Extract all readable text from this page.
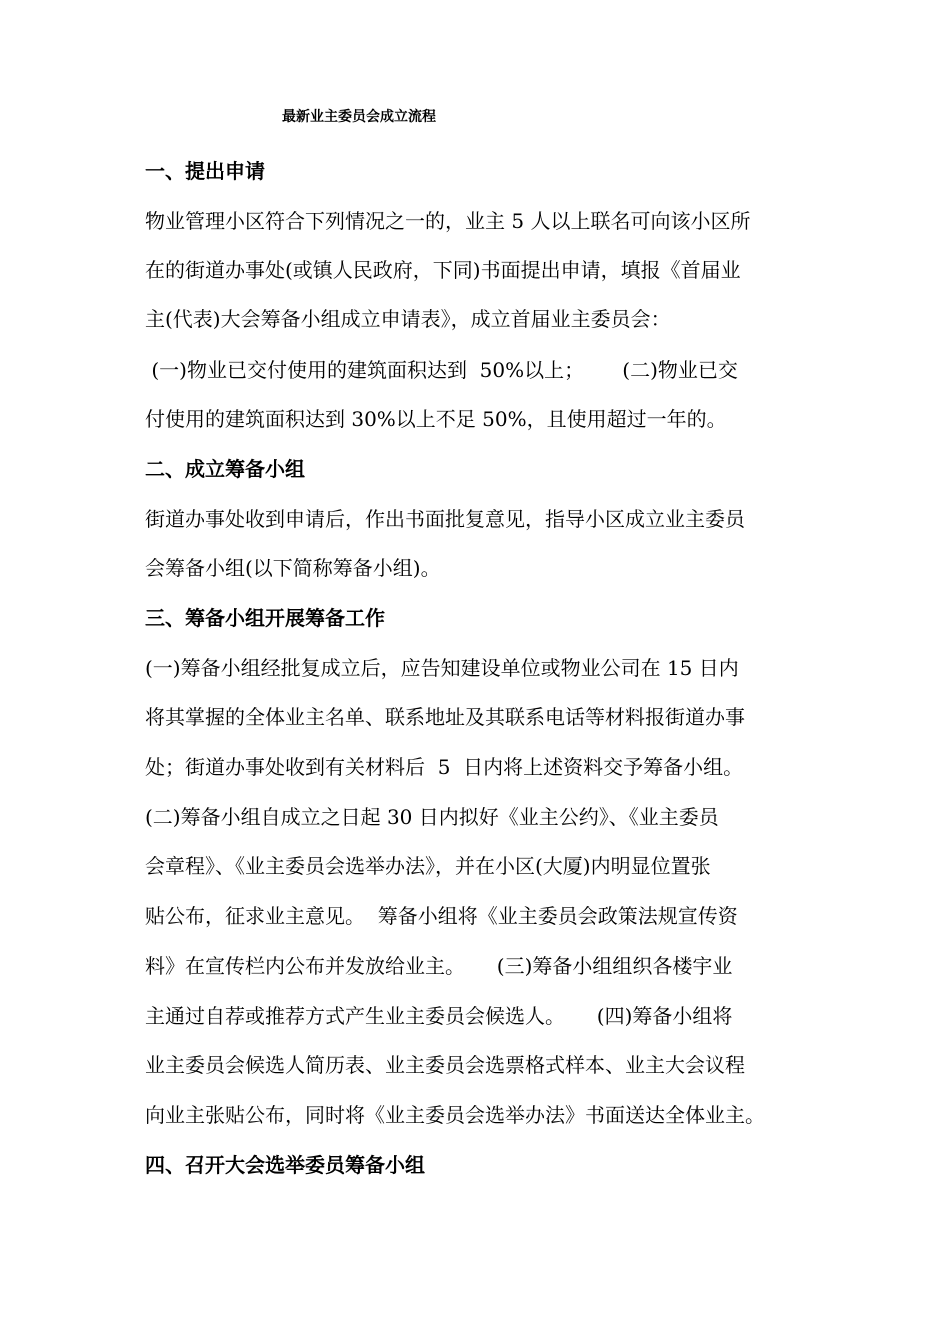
最新业主委员会成立流程
一、提出申请
物业管理小区符合下列情况之一的，业主 5 人以上联名可向该小区所
在的街道办事处(或镇人民政府，下同)书面提出申请，填报《首届业
主(代表)大会筹备小组成立申请表》，成立首届业主委员会：
(一)物业已交付使用的建筑面积达到  50%以上；      (二)物业已交
付使用的建筑面积达到 30%以上不足 50%，且使用超过一年的。
二、成立筹备小组
街道办事处收到申请后，作出书面批复意见，指导小区成立业主委员
会筹备小组(以下简称筹备小组)。
三、筹备小组开展筹备工作
(一)筹备小组经批复成立后，应告知建设单位或物业公司在 15 日内
将其掌握的全体业主名单、联系地址及其联系电话等材料报街道办事
处；街道办事处收到有关材料后  5  日内将上述资料交予筹备小组。
(二)筹备小组自成立之日起 30 日内拟好《业主公约》、《业主委员
会章程》、《业主委员会选举办法》，并在小区(大厦)内明显位置张
贴公布，征求业主意见。  筹备小组将《业主委员会政策法规宣传资
料》在宣传栏内公布并发放给业主。     (三)筹备小组组织各楼宇业
主通过自荐或推荐方式产生业主委员会候选人。     (四)筹备小组将
业主委员会候选人简历表、业主委员会选票格式样本、业主大会议程
向业主张贴公布，同时将《业主委员会选举办法》书面送达全体业主。
四、召开大会选举委员筹备小组
